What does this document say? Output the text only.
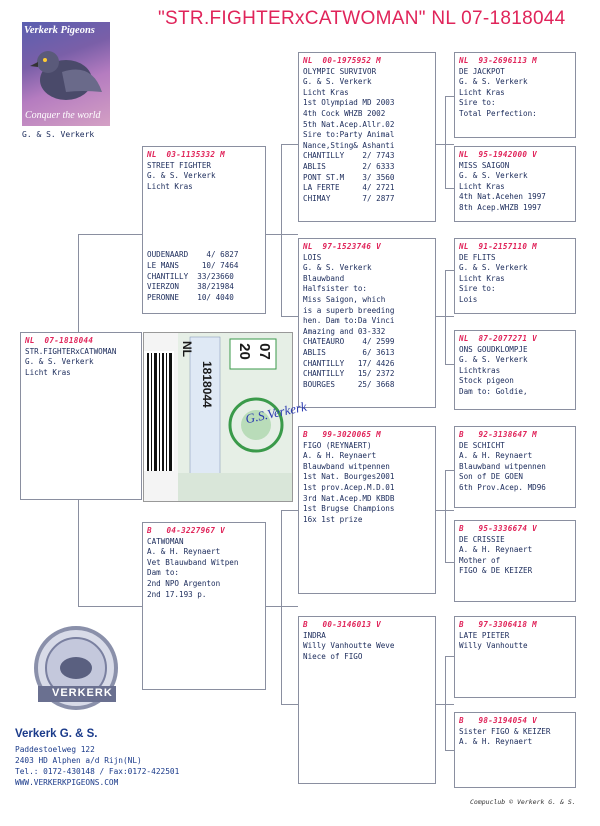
"STR.FIGHTERxCATWOMAN" NL 07-1818044
Verkerk Pigeons
Conquer the world
G. & S. Verkerk
NL  07-1818044
STR.FIGHTERxCATWOMAN
G. & S. Verkerk
Licht Kras
NL  03-1135332 M
STREET FIGHTER
G. & S. Verkerk
Licht Kras
OUDENAARD    4/ 6827
LE MANS     10/ 7464
CHANTILLY  33/23660
VIERZON    38/21984
PERONNE    10/ 4040
B   04-3227967 V
CATWOMAN
A. & H. Reynaert
Vet Blauwband Witpen
Dam to:
2nd NPO Argenton
2nd 17.193 p.
NL  00-1975952 M
OLYMPIC SURVIVOR
G. & S. Verkerk
Licht Kras
1st Olympiad MD 2003
4th Cock WHZB 2002
5th Nat.Acep.Allr.02
Sire to:Party Animal
Nance,Sting& Ashanti
CHANTILLY    2/ 7743
ABLIS        2/ 6333
PONT ST.M    3/ 3560
LA FERTE     4/ 2721
CHIMAY       7/ 2877
NL  97-1523746 V
LOIS
G. & S. Verkerk
Blauwband
Halfsister to:
Miss Saigon, which
is a superb breeding
hen. Dam to:Da Vinci
Amazing and 03-332
CHATEAURO    4/ 2599
ABLIS        6/ 3613
CHANTILLY   17/ 4426
CHANTILLY   15/ 2372
BOURGES     25/ 3668
B   99-3020065 M
FIGO (REYNAERT)
A. & H. Reynaert
Blauwband witpennen
1st Nat. Bourges2001
1st prov.Acep.M.D.01
3rd Nat.Acep.MD KBDB
1st Brugse Champions
16x 1st prize
B   00-3146013 V
INDRA
Willy Vanhoutte Weve
Niece of FIGO
NL  93-2696113 M
DE JACKPOT
G. & S. Verkerk
Licht Kras
Sire to:
Total Perfection:
NL  95-1942000 V
MISS SAIGON
G. & S. Verkerk
Licht Kras
4th Nat.Acehen 1997
8th Acep.WHZB 1997
NL  91-2157110 M
DE FLITS
G. & S. Verkerk
Licht Kras
Sire to:
Lois
NL  87-2077271 V
ONS GOUDKLOMPJE
G. & S. Verkerk
Lichtkras
Stock pigeon
Dam to: Goldie,
B   92-3138647 M
DE SCHICHT
A. & H. Reynaert
Blauwband witpennen
Son of DE GOEN
6th Prov.Acep. MD96
B   95-3336674 V
DE CRISSIE
A. & H. Reynaert
Mother of
FIGO & DE KEIZER
B   97-3306418 M
LATE PIETER
Willy Vanhoutte
B   98-3194054 V
Sister FIGO & KEIZER
A. & H. Reynaert
20 07
NL
1818044
G.S.Verkerk
VERKERK
Verkerk G. & S.
Paddestoelweg 122
2403 HD Alphen a/d Rijn(NL)
Tel.: 0172-430148 / Fax:0172-422501
WWW.VERKERKPIGEONS.COM
Compuclub © Verkerk G. & S.
